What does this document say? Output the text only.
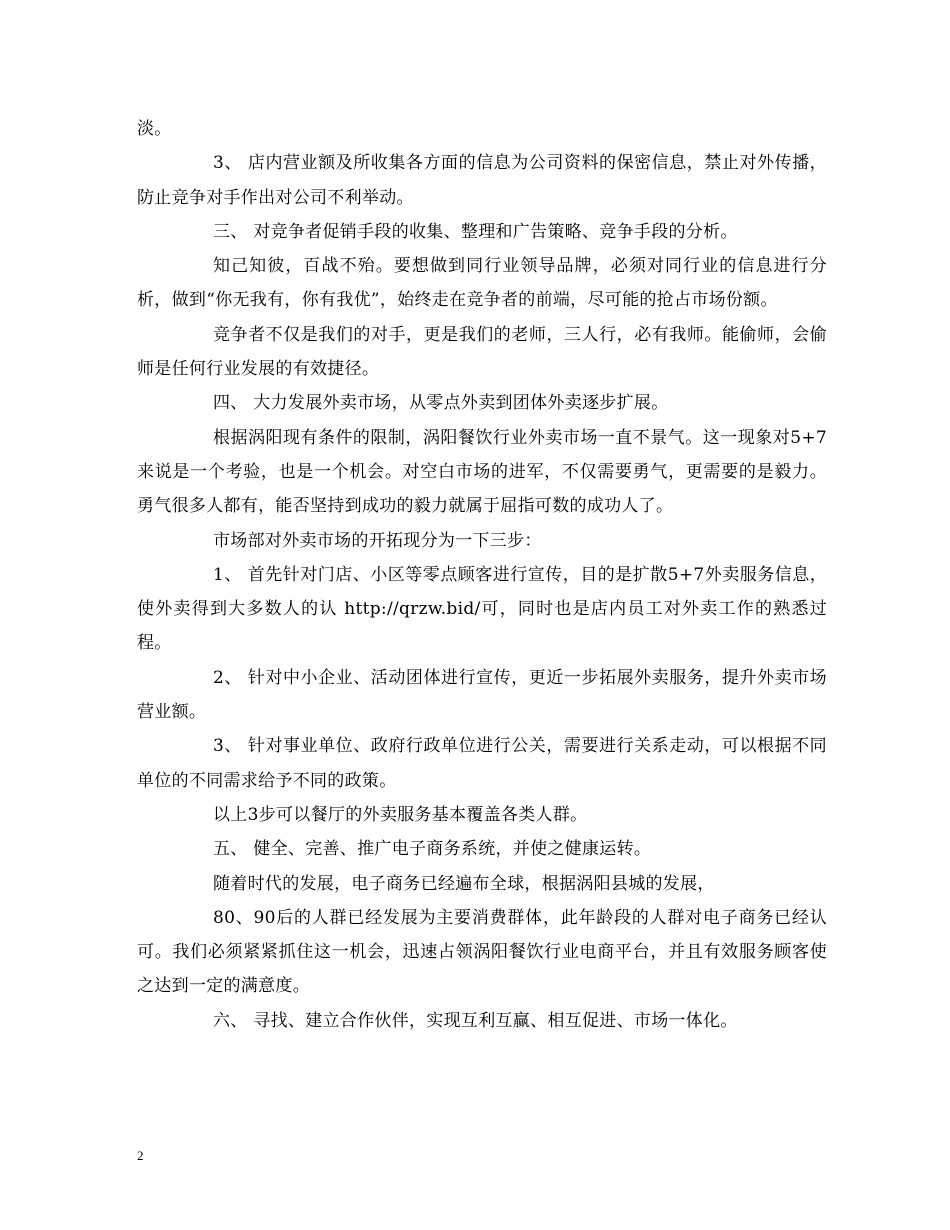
淡。

3、 店内营业额及所收集各方面的信息为公司资料的保密信息，禁止对外传播，防止竞争对手作出对公司不利举动。

三、 对竞争者促销手段的收集、整理和广告策略、竞争手段的分析。

知己知彼，百战不殆。要想做到同行业领导品牌，必须对同行业的信息进行分析，做到“你无我有，你有我优”，始终走在竞争者的前端，尽可能的抢占市场份额。

竞争者不仅是我们的对手，更是我们的老师，三人行，必有我师。能偷师，会偷师是任何行业发展的有效捷径。

四、 大力发展外卖市场，从零点外卖到团体外卖逐步扩展。

根据涡阳现有条件的限制，涡阳餐饮行业外卖市场一直不景气。这一现象对5+7来说是一个考验，也是一个机会。对空白市场的进军，不仅需要勇气，更需要的是毅力。勇气很多人都有，能否坚持到成功的毅力就属于屈指可数的成功人了。

市场部对外卖市场的开拓现分为一下三步：

1、 首先针对门店、小区等零点顾客进行宣传，目的是扩散5+7外卖服务信息，使外卖得到大多数人的认 http://qrzw.bid/可，同时也是店内员工对外卖工作的熟悉过程。

2、 针对中小企业、活动团体进行宣传，更近一步拓展外卖服务，提升外卖市场营业额。

3、 针对事业单位、政府行政单位进行公关，需要进行关系走动，可以根据不同单位的不同需求给予不同的政策。

以上3步可以餐厅的外卖服务基本覆盖各类人群。

五、 健全、完善、推广电子商务系统，并使之健康运转。

随着时代的发展，电子商务已经遍布全球，根据涡阳县城的发展，

80、90后的人群已经发展为主要消费群体，此年龄段的人群对电子商务已经认可。我们必须紧紧抓住这一机会，迅速占领涡阳餐饮行业电商平台，并且有效服务顾客使之达到一定的满意度。

六、 寻找、建立合作伙伴，实现互利互赢、相互促进、市场一体化。

2
